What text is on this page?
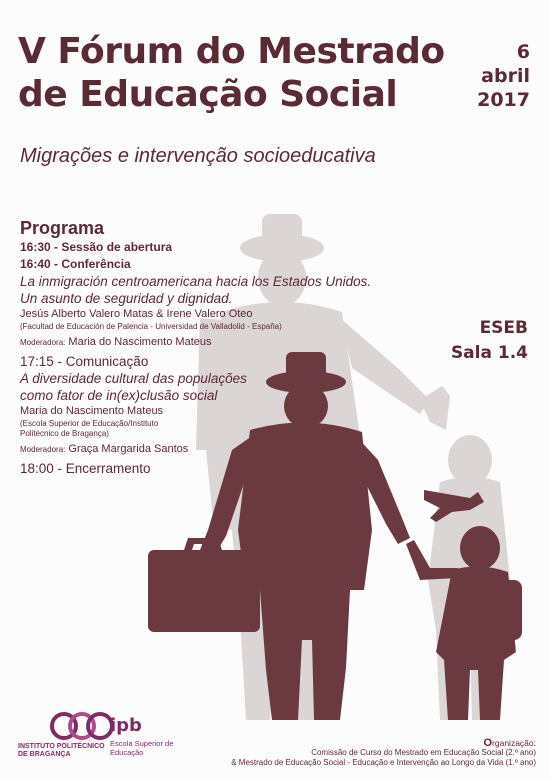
V Fórum do Mestrado
de Educação Social
6
abril
2017
Migrações e intervenção socioeducativa
Programa
16:30 - Sessão de abertura
16:40 - Conferência
La inmigración centroamericana hacia los Estados Unidos.
Un asunto de seguridad y dignidad.
Jesús Alberto Valero Matas & Irene Valero Oteo
(Facultad de Educación de Palencia - Universidad de Valladolid - España)
Moderadora: Maria do Nascimento Mateus
17:15 - Comunicação
A diversidade cultural das populações
como fator de in(ex)clusão social
Maria do Nascimento Mateus
(Escola Superior de Educação/Instituto
Politécnico de Bragança)
Moderadora: Graça Margarida Santos
18:00 - Encerramento
ESEB
Sala 1.4
ipb
Escola Superior de Educação
INSTITUTO POLITÉCNICO
DE BRAGANÇA
Organização:
Comissão de Curso do Mestrado em Educação Social (2.º ano)
& Mestrado de Educação Social - Educação e Intervenção ao Longo da Vida (1.º ano)
